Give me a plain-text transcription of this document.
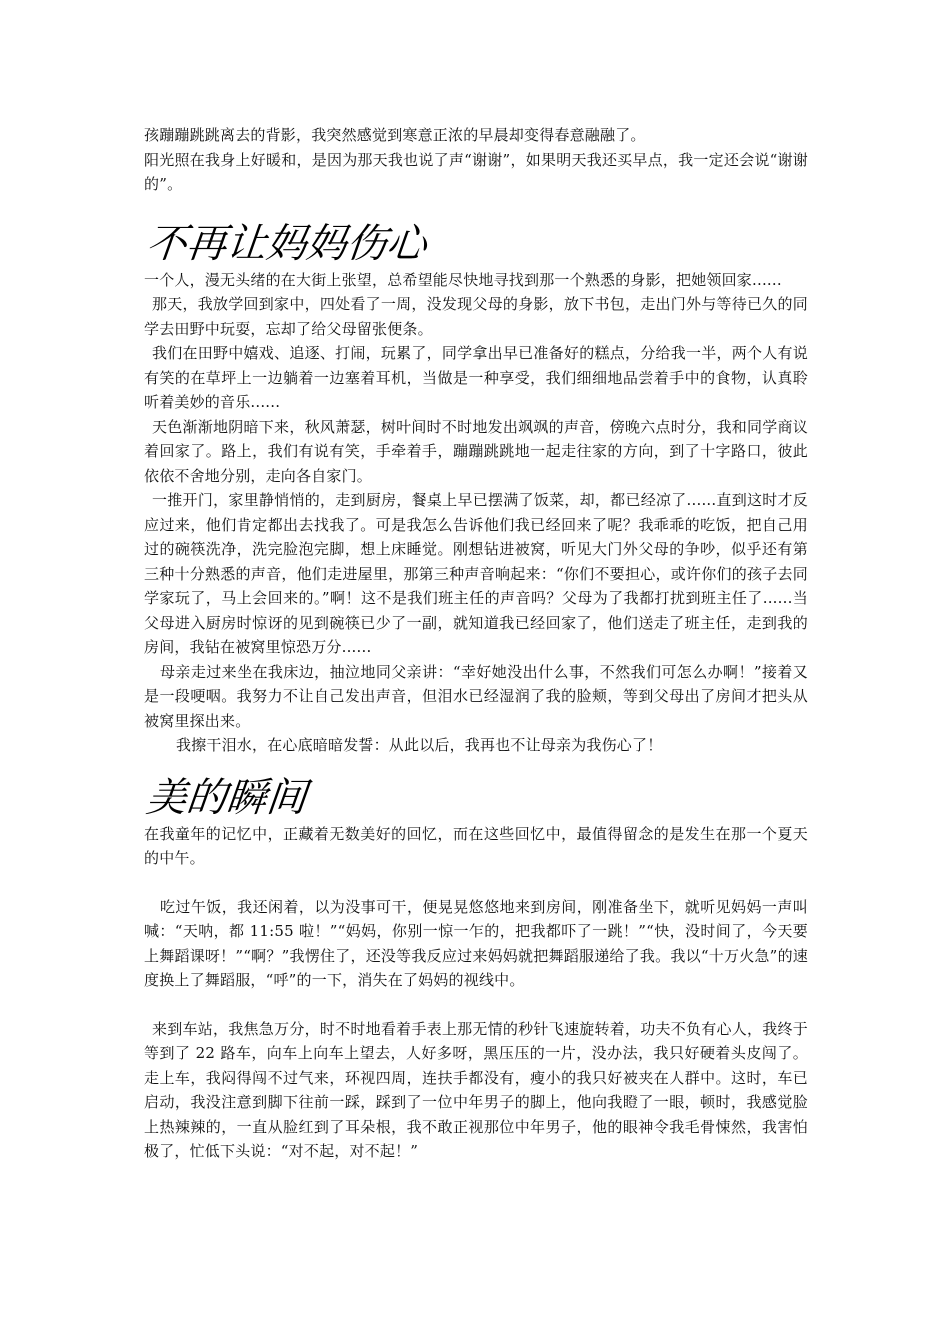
孩蹦蹦跳跳离去的背影，我突然感觉到寒意正浓的早晨却变得春意融融了。

阳光照在我身上好暖和，是因为那天我也说了声“谢谢”，如果明天我还买早点，我一定还会说“谢谢的”。

不再让妈妈伤心

一个人，漫无头绪的在大街上张望，总希望能尽快地寻找到那一个熟悉的身影，把她领回家......

那天，我放学回到家中，四处看了一周，没发现父母的身影，放下书包，走出门外与等待已久的同学去田野中玩耍，忘却了给父母留张便条。

我们在田野中嬉戏、追逐、打闹，玩累了，同学拿出早已准备好的糕点，分给我一半，两个人有说有笑的在草坪上一边躺着一边塞着耳机，当做是一种享受，我们细细地品尝着手中的食物，认真聆听着美妙的音乐......

天色渐渐地阴暗下来，秋风萧瑟，树叶间时不时地发出飒飒的声音，傍晚六点时分，我和同学商议着回家了。路上，我们有说有笑，手牵着手，蹦蹦跳跳地一起走往家的方向，到了十字路口，彼此依依不舍地分别，走向各自家门。

一推开门，家里静悄悄的，走到厨房，餐桌上早已摆满了饭菜，却，都已经凉了......直到这时才反应过来，他们肯定都出去找我了。可是我怎么告诉他们我已经回来了呢？我乖乖的吃饭，把自己用过的碗筷洗净，洗完脸泡完脚，想上床睡觉。刚想钻进被窝，听见大门外父母的争吵，似乎还有第三种十分熟悉的声音，他们走进屋里，那第三种声音响起来：“你们不要担心，或许你们的孩子去同学家玩了，马上会回来的。”啊！这不是我们班主任的声音吗？父母为了我都打扰到班主任了......当父母进入厨房时惊讶的见到碗筷已少了一副，就知道我已经回家了，他们送走了班主任，走到我的房间，我钻在被窝里惊恐万分......

母亲走过来坐在我床边，抽泣地同父亲讲：“幸好她没出什么事，不然我们可怎么办啊！”接着又是一段哽咽。我努力不让自己发出声音，但泪水已经湿润了我的脸颊，等到父母出了房间才把头从被窝里探出来。

我擦干泪水，在心底暗暗发誓：从此以后，我再也不让母亲为我伤心了！

美的瞬间

在我童年的记忆中，正藏着无数美好的回忆，而在这些回忆中，最值得留念的是发生在那一个夏天的中午。

吃过午饭，我还闲着，以为没事可干，便晃晃悠悠地来到房间，刚准备坐下，就听见妈妈一声叫喊：“天呐，都 11:55 啦！”“妈妈，你别一惊一乍的，把我都吓了一跳！”“快，没时间了，今天要上舞蹈课呀！”“啊？”我愣住了，还没等我反应过来妈妈就把舞蹈服递给了我。我以“十万火急”的速度换上了舞蹈服，“呼”的一下，消失在了妈妈的视线中。

来到车站，我焦急万分，时不时地看着手表上那无情的秒针飞速旋转着，功夫不负有心人，我终于等到了 22 路车，向车上向车上望去，人好多呀，黑压压的一片，没办法，我只好硬着头皮闯了。走上车，我闷得闯不过气来，环视四周，连扶手都没有，瘦小的我只好被夹在人群中。这时，车已启动，我没注意到脚下往前一踩，踩到了一位中年男子的脚上，他向我瞪了一眼，顿时，我感觉脸上热辣辣的，一直从脸红到了耳朵根，我不敢正视那位中年男子，他的眼神令我毛骨悚然，我害怕极了，忙低下头说：“对不起，对不起！”
